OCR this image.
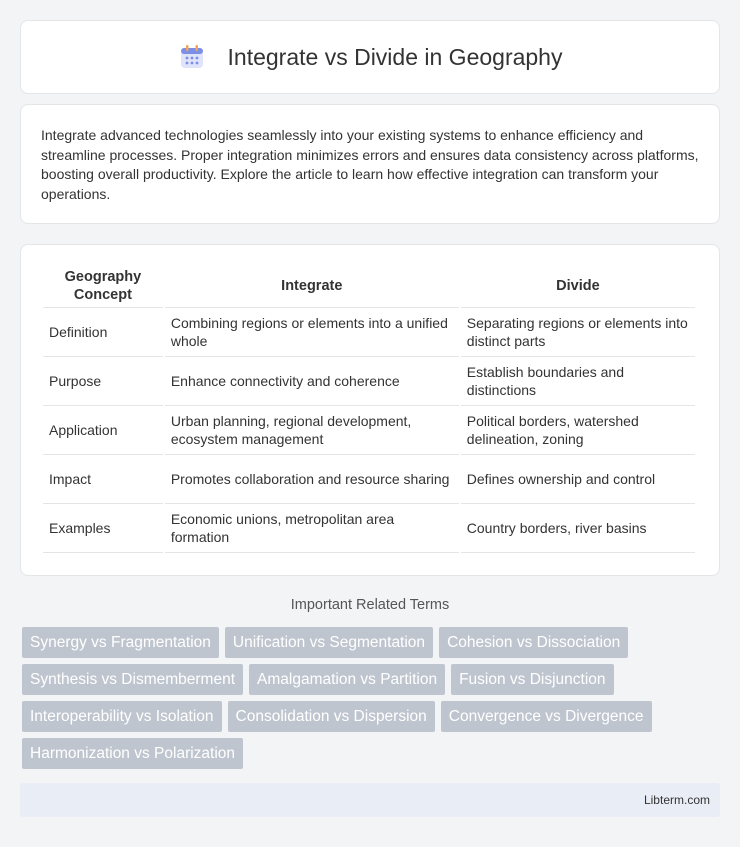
Integrate vs Divide in Geography

Integrate advanced technologies seamlessly into your existing systems to enhance efficiency and streamline processes. Proper integration minimizes errors and ensures data consistency across platforms, boosting overall productivity. Explore the article to learn how effective integration can transform your operations.

Geography Concept	Integrate	Divide
Definition	Combining regions or elements into a unified whole	Separating regions or elements into distinct parts
Purpose	Enhance connectivity and coherence	Establish boundaries and distinctions
Application	Urban planning, regional development, ecosystem management	Political borders, watershed delineation, zoning
Impact	Promotes collaboration and resource sharing	Defines ownership and control
Examples	Economic unions, metropolitan area formation	Country borders, river basins
Important Related Terms
Synergy vs Fragmentation	Unification vs Segmentation	Cohesion vs Dissociation
Synthesis vs Dismemberment	Amalgamation vs Partition	Fusion vs Disjunction
Interoperability vs Isolation	Consolidation vs Dispersion	Convergence vs Divergence
Harmonization vs Polarization
Libterm.com
